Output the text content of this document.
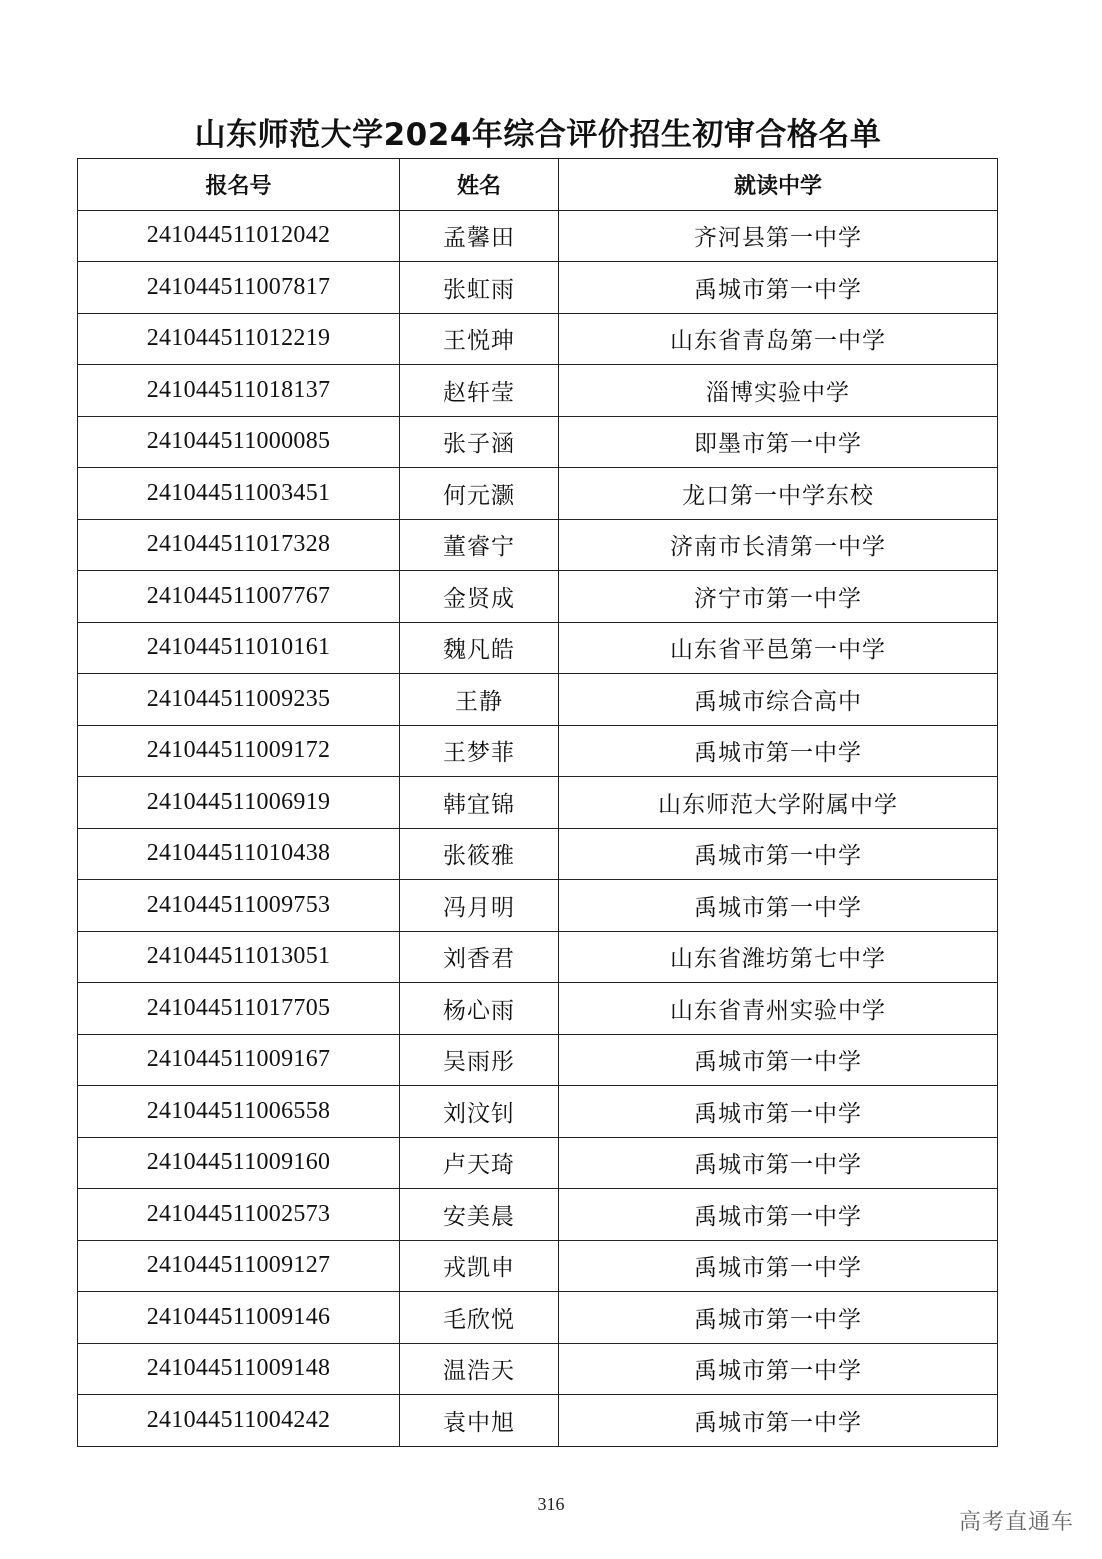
山东师范大学2024年综合评价招生初审合格名单
报名号	姓名	就读中学
241044511012042	孟馨田	齐河县第一中学
241044511007817	张虹雨	禹城市第一中学
241044511012219	王悦珅	山东省青岛第一中学
241044511018137	赵轩莹	淄博实验中学
241044511000085	张子涵	即墨市第一中学
241044511003451	何元灏	龙口第一中学东校
241044511017328	董睿宁	济南市长清第一中学
241044511007767	金贤成	济宁市第一中学
241044511010161	魏凡皓	山东省平邑第一中学
241044511009235	王静	禹城市综合高中
241044511009172	王梦菲	禹城市第一中学
241044511006919	韩宜锦	山东师范大学附属中学
241044511010438	张筱雅	禹城市第一中学
241044511009753	冯月明	禹城市第一中学
241044511013051	刘香君	山东省潍坊第七中学
241044511017705	杨心雨	山东省青州实验中学
241044511009167	吴雨彤	禹城市第一中学
241044511006558	刘汶钊	禹城市第一中学
241044511009160	卢天琦	禹城市第一中学
241044511002573	安美晨	禹城市第一中学
241044511009127	戎凯申	禹城市第一中学
241044511009146	毛欣悦	禹城市第一中学
241044511009148	温浩天	禹城市第一中学
241044511004242	袁中旭	禹城市第一中学
316
高考直通车
